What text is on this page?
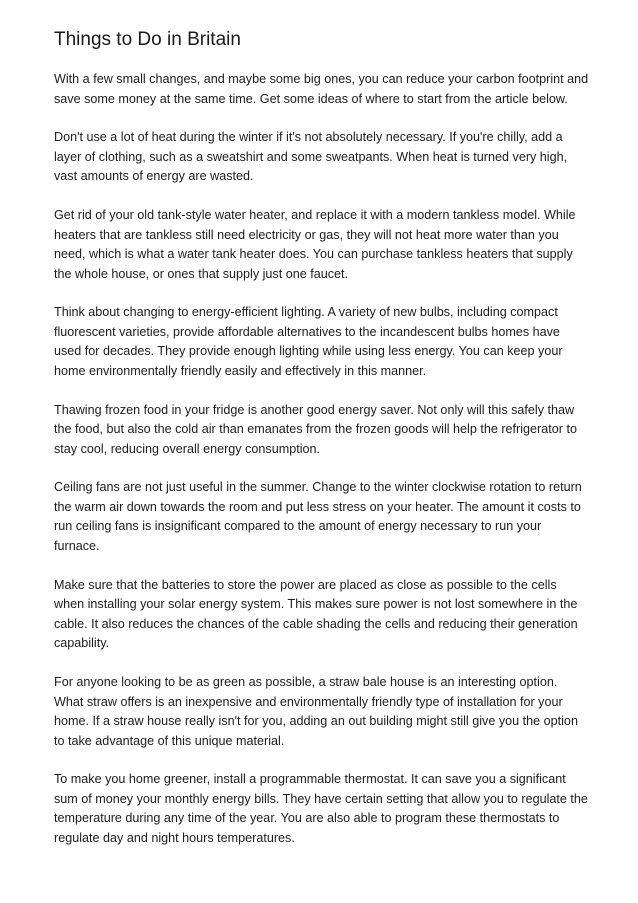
Things to Do in Britain

With a few small changes, and maybe some big ones, you can reduce your carbon footprint and save some money at the same time. Get some ideas of where to start from the article below.

Don't use a lot of heat during the winter if it's not absolutely necessary. If you're chilly, add a layer of clothing, such as a sweatshirt and some sweatpants. When heat is turned very high, vast amounts of energy are wasted.

Get rid of your old tank-style water heater, and replace it with a modern tankless model. While heaters that are tankless still need electricity or gas, they will not heat more water than you need, which is what a water tank heater does. You can purchase tankless heaters that supply the whole house, or ones that supply just one faucet.

Think about changing to energy-efficient lighting. A variety of new bulbs, including compact fluorescent varieties, provide affordable alternatives to the incandescent bulbs homes have used for decades. They provide enough lighting while using less energy. You can keep your home environmentally friendly easily and effectively in this manner.

Thawing frozen food in your fridge is another good energy saver. Not only will this safely thaw the food, but also the cold air than emanates from the frozen goods will help the refrigerator to stay cool, reducing overall energy consumption.

Ceiling fans are not just useful in the summer. Change to the winter clockwise rotation to return the warm air down towards the room and put less stress on your heater. The amount it costs to run ceiling fans is insignificant compared to the amount of energy necessary to run your furnace.

Make sure that the batteries to store the power are placed as close as possible to the cells when installing your solar energy system. This makes sure power is not lost somewhere in the cable. It also reduces the chances of the cable shading the cells and reducing their generation capability.

For anyone looking to be as green as possible, a straw bale house is an interesting option. What straw offers is an inexpensive and environmentally friendly type of installation for your home. If a straw house really isn't for you, adding an out building might still give you the option to take advantage of this unique material.

To make you home greener, install a programmable thermostat. It can save you a significant sum of money your monthly energy bills. They have certain setting that allow you to regulate the temperature during any time of the year. You are also able to program these thermostats to regulate day and night hours temperatures.
